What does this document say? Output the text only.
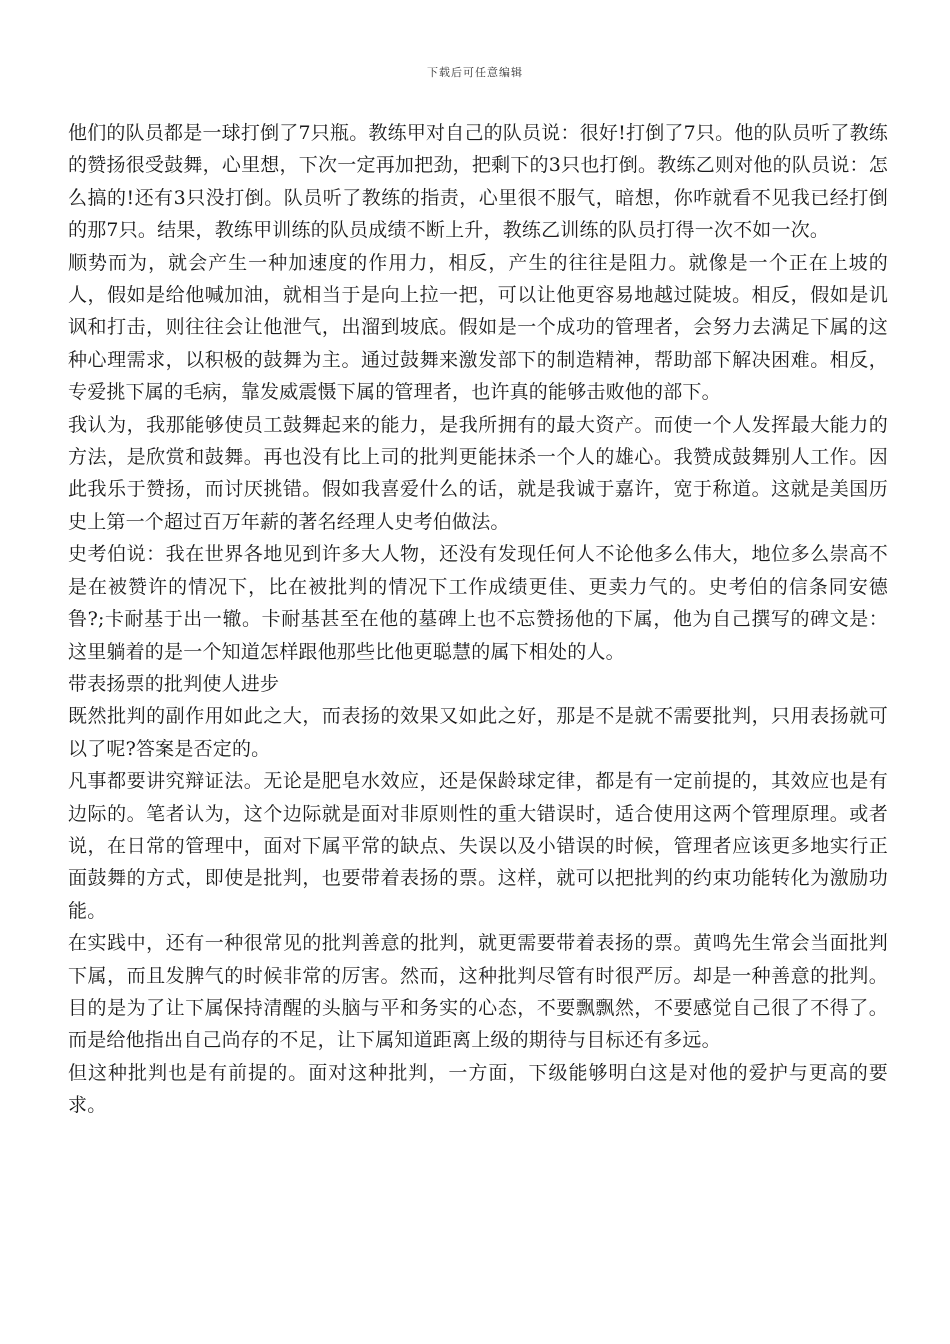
下载后可任意编辑

他们的队员都是一球打倒了7只瓶。教练甲对自己的队员说：很好!打倒了7只。他的队员听了教练的赞扬很受鼓舞，心里想，下次一定再加把劲，把剩下的3只也打倒。教练乙则对他的队员说：怎么搞的!还有3只没打倒。队员听了教练的指责，心里很不服气，暗想，你咋就看不见我已经打倒的那7只。结果，教练甲训练的队员成绩不断上升，教练乙训练的队员打得一次不如一次。

顺势而为，就会产生一种加速度的作用力，相反，产生的往往是阻力。就像是一个正在上坡的人，假如是给他喊加油，就相当于是向上拉一把，可以让他更容易地越过陡坡。相反，假如是讥讽和打击，则往往会让他泄气，出溜到坡底。假如是一个成功的管理者，会努力去满足下属的这种心理需求，以积极的鼓舞为主。通过鼓舞来激发部下的制造精神，帮助部下解决困难。相反，专爱挑下属的毛病，靠发威震慑下属的管理者，也许真的能够击败他的部下。

我认为，我那能够使员工鼓舞起来的能力，是我所拥有的最大资产。而使一个人发挥最大能力的方法，是欣赏和鼓舞。再也没有比上司的批判更能抹杀一个人的雄心。我赞成鼓舞别人工作。因此我乐于赞扬，而讨厌挑错。假如我喜爱什么的话，就是我诚于嘉许，宽于称道。这就是美国历史上第一个超过百万年薪的著名经理人史考伯做法。

史考伯说：我在世界各地见到许多大人物，还没有发现任何人不论他多么伟大，地位多么崇高不是在被赞许的情况下，比在被批判的情况下工作成绩更佳、更卖力气的。史考伯的信条同安德鲁?;卡耐基于出一辙。卡耐基甚至在他的墓碑上也不忘赞扬他的下属，他为自己撰写的碑文是：这里躺着的是一个知道怎样跟他那些比他更聪慧的属下相处的人。

带表扬票的批判使人进步

既然批判的副作用如此之大，而表扬的效果又如此之好，那是不是就不需要批判，只用表扬就可以了呢?答案是否定的。

凡事都要讲究辩证法。无论是肥皂水效应，还是保龄球定律，都是有一定前提的，其效应也是有边际的。笔者认为，这个边际就是面对非原则性的重大错误时，适合使用这两个管理原理。或者说，在日常的管理中，面对下属平常的缺点、失误以及小错误的时候，管理者应该更多地实行正面鼓舞的方式，即使是批判，也要带着表扬的票。这样，就可以把批判的约束功能转化为激励功能。

在实践中，还有一种很常见的批判善意的批判，就更需要带着表扬的票。黄鸣先生常会当面批判下属，而且发脾气的时候非常的厉害。然而，这种批判尽管有时很严厉。却是一种善意的批判。目的是为了让下属保持清醒的头脑与平和务实的心态，不要飘飘然，不要感觉自己很了不得了。而是给他指出自己尚存的不足，让下属知道距离上级的期待与目标还有多远。

但这种批判也是有前提的。面对这种批判，一方面，下级能够明白这是对他的爱护与更高的要求。
